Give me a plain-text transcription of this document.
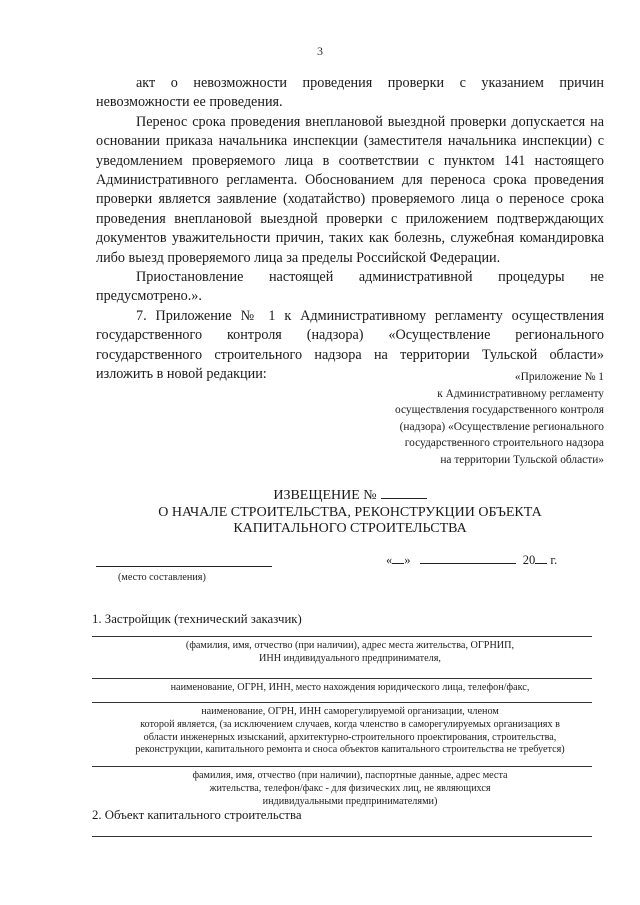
3

акт о невозможности проведения проверки с указанием причин невозможности ее проведения.

Перенос срока проведения внеплановой выездной проверки допускается на основании приказа начальника инспекции (заместителя начальника инспекции) с уведомлением проверяемого лица в соответствии с пунктом 141 настоящего Административного регламента. Обоснованием для переноса срока проведения проверки является заявление (ходатайство) проверяемого лица о переносе срока проведения внеплановой выездной проверки с приложением подтверждающих документов уважительности причин, таких как болезнь, служебная командировка либо выезд проверяемого лица за пределы Российской Федерации.

Приостановление настоящей административной процедуры не предусмотрено.».

7. Приложение № 1 к Административному регламенту осуществления государственного контроля (надзора) «Осуществление регионального государственного строительного надзора на территории Тульской области» изложить в новой редакции:	«Приложение № 1
к Административному регламенту
осуществления государственного контроля
(надзора) «Осуществление регионального
государственного строительного надзора
на территории Тульской области»
ИЗВЕЩЕНИЕ №
О НАЧАЛЕ СТРОИТЕЛЬСТВА, РЕКОНСТРУКЦИИ ОБЪЕКТА
КАПИТАЛЬНОГО СТРОИТЕЛЬСТВА
« »	20 г.
(место составления)
1. Застройщик (технический заказчик)
(фамилия, имя, отчество (при наличии), адрес места жительства, ОГРНИП,
ИНН индивидуального предпринимателя,
наименование, ОГРН, ИНН, место нахождения юридического лица, телефон/факс,
наименование, ОГРН, ИНН саморегулируемой организации, членом
которой является, (за исключением случаев, когда членство в саморегулируемых организациях в
области инженерных изысканий, архитектурно-строительного проектирования, строительства,
реконструкции, капитального ремонта и сноса объектов капитального строительства не требуется)
фамилия, имя, отчество (при наличии), паспортные данные, адрес места
жительства, телефон/факс - для физических лиц, не являющихся
индивидуальными предпринимателями)
2. Объект капитального строительства
